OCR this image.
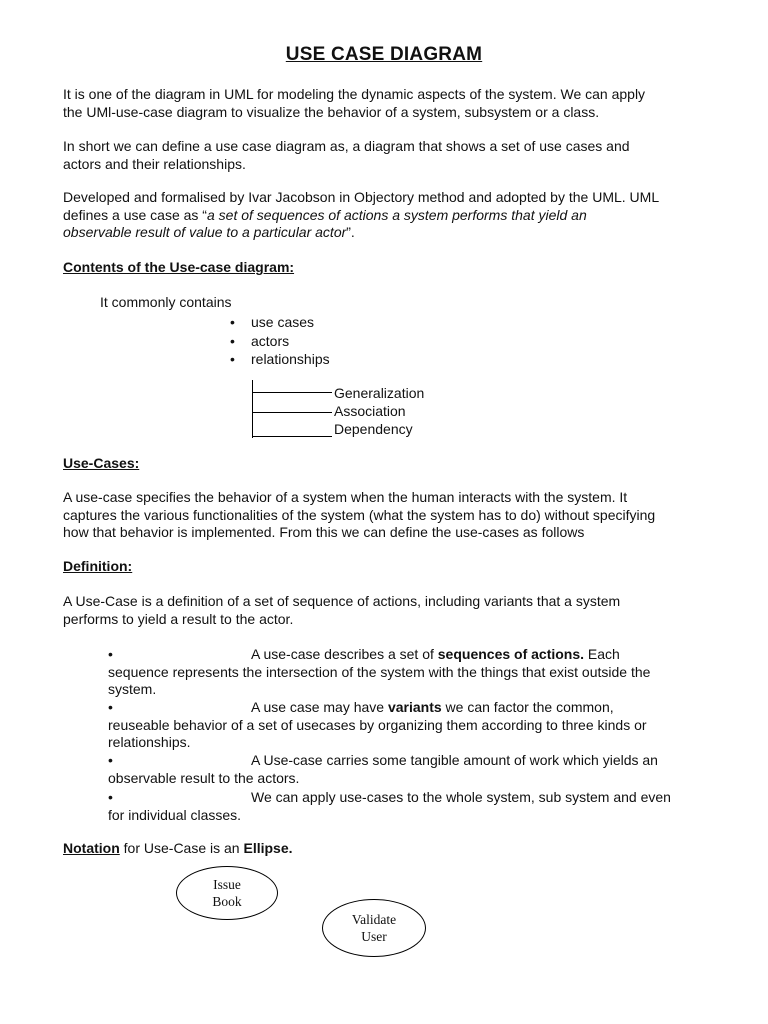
USE CASE DIAGRAM
It is one of the diagram in UML for modeling the dynamic aspects of the system. We can apply
the UMl-use-case diagram to visualize the behavior of a system, subsystem or a class.
In short we can define a use case diagram as, a diagram that shows a set of use cases and
actors and their relationships.
Developed and formalised by Ivar Jacobson in Objectory method and adopted by the UML. UML
defines a use case as “a set of sequences of actions a system performs that yield an
observable result of value to a particular actor”.
Contents of the Use-case diagram:
It commonly contains
• use cases
• actors
• relationships
Generalization
Association
Dependency
Use-Cases:
A use-case specifies the behavior of a system when the human interacts with the system. It
captures the various functionalities of the system (what the system has to do) without specifying
how that behavior is implemented. From this we can define the use-cases as follows
Definition:
A Use-Case is a definition of a set of sequence of actions, including variants that a system
performs to yield a result to the actor.
•	A use-case describes a set of sequences of actions. Each
sequence represents the intersection of the system with the things that exist outside the
system.
•	A use case may have variants we can factor the common,
reuseable behavior of a set of usecases by organizing them according to three kinds or
relationships.
•	A Use-case carries some tangible amount of work which yields an
observable result to the actors.
•	We can apply use-cases to the whole system, sub system and even
for individual classes.
Notation for Use-Case is an Ellipse.
Issue
Book
Validate
User
